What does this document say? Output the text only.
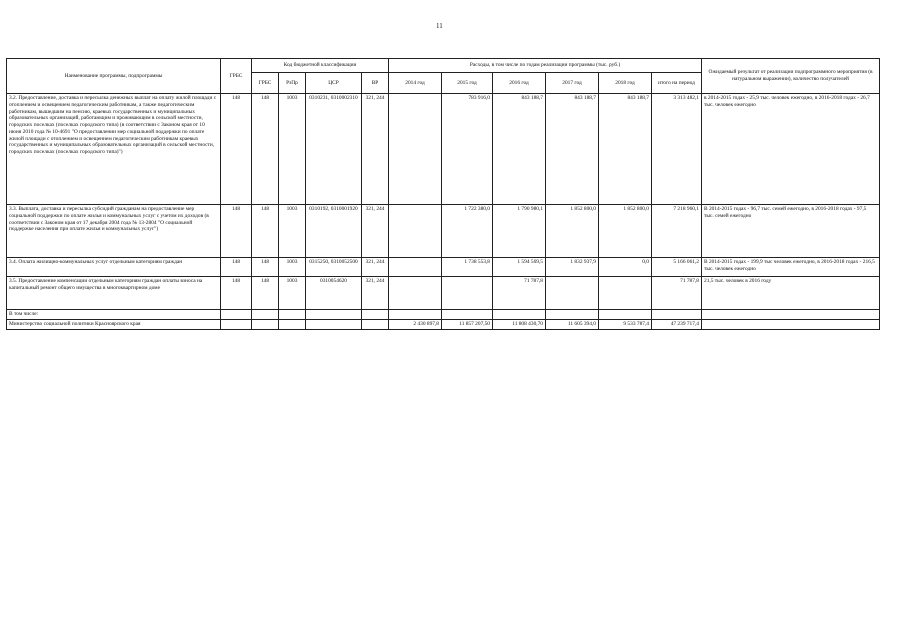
11
Наименование программы, подпрограммы	ГРБС	Код бюджетной классификации				Расходы, в том числе по годам реализации программы (тыс. руб.)						Ожидаемый результат от реализации подпрограммного мероприятия (в натуральном выражении), количество получателей
		ГРБС	РзПр	ЦСР	ВР	2014 год	2015 год	2016 год	2017 год	2018 год	итого на период	
3.2. Предоставление, доставка и пересылка денежных выплат на оплату жилой площади с отоплением и освещением педагогическим работникам, а также педагогическим работникам, вышедшим на пенсию, краевых государственных и муниципальных образовательных организаций, работающим и проживающим в сельской местности, городских поселках (поселках городского типа) (в соответствии с Законом края от 10 июня 2010 года № 10-4691 "О предоставлении мер социальной поддержки по оплате жилой площади с отоплением и освещением педагогическим работникам краевых государственных и муниципальных образовательных организаций в сельской местности, городских поселках (поселках городского типа)")	148	148	1003	0310231, 0310002310	321, 244		783 916,0	843 188,7	843 188,7	843 188,7	3 313 482,1	в 2014-2015 годах - 25,9 тыс. человек ежегодно, в 2016-2018 годах - 26,7 тыс. человек ежегодно
3.3. Выплата, доставка и пересылка субсидий гражданам на предоставление мер социальной поддержки по оплате жилья и коммунальных услуг с учетом их доходов (в соответствии с Законом края от 17 декабря 2004 года № 13-2804 "О социальной поддержке населения при оплате жилья и коммунальных услуг")	148	148	1003	0310192, 0310001920	321, 244		1 722 380,0	1 790 980,1	1 852 800,0	1 852 800,0	7 218 960,1	В 2014-2015 годах - 96,7 тыс. семей ежегодно, в 2016-2018 годах - 97,5 тыс. семей ежегодно
3.4. Оплата жилищно-коммунальных услуг отдельным категориям граждан	148	148	1003	0315250, 0310052500	321, 244		1 738 553,8	1 594 569,5	1 832 937,9	0,0	5 166 061,2	В 2014-2015 годах - 199,9 тыс человек ежегодно, в 2016-2018 годах - 216,5 тыс. человек ежегодно
3.5. Предоставление компенсации отдельным категориям граждан оплаты взноса на капитальный ремонт общего имущества в многоквартирном доме	148	148	1003	0310054620	321, 244			71 787,8			71 787,8	21,5 тыс. человек в 2016 году
В том числе:												
Министерство социальной политики Красноярского края						2 430 897,8	11 857 207,50	11 808 430,70	11 605 394,0	9 533 787,4	47 239 717,4	
